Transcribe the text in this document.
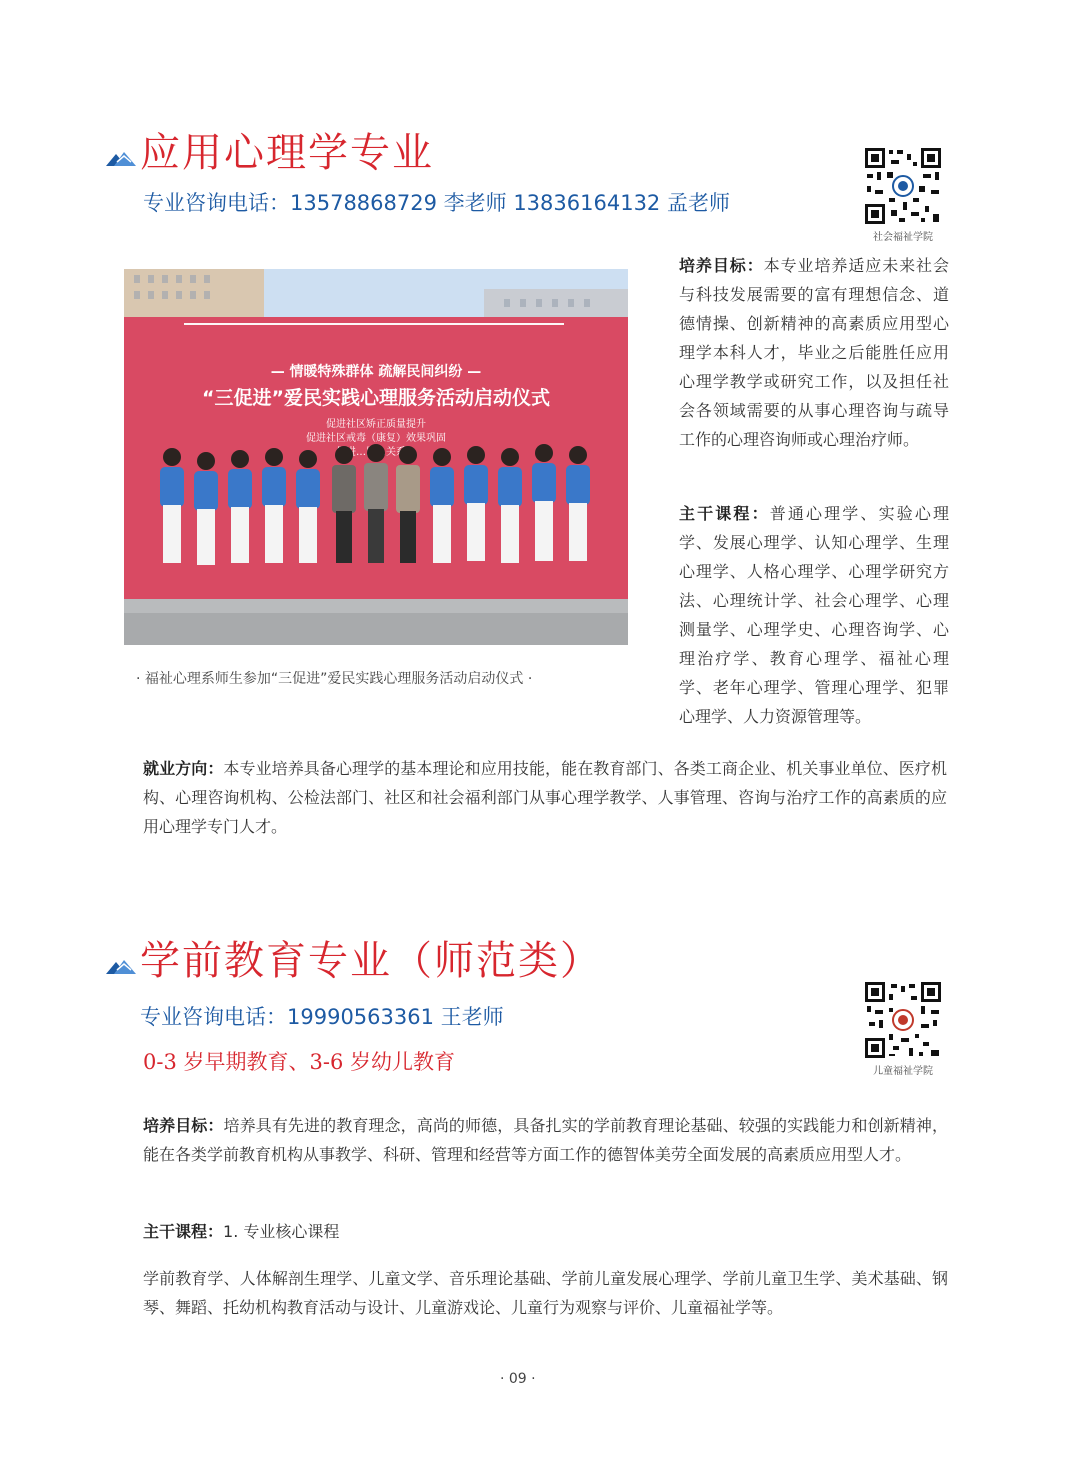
应用心理学专业
专业咨询电话：13578868729 李老师 13836164132 孟老师
社会福祉学院
— 情暖特殊群体 疏解民间纠纷 —
“三促进”爱民实践心理服务活动启动仪式
促进社区矫正质量提升
促进社区戒毒（康复）效果巩固
· 福祉心理系师生参加“三促进”爱民实践心理服务活动启动仪式 ·

培养目标：本专业培养适应未来社会与科技发展需要的富有理想信念、道德情操、创新精神的高素质应用型心理学本科人才，毕业之后能胜任应用心理学教学或研究工作，以及担任社会各领域需要的从事心理咨询与疏导工作的心理咨询师或心理治疗师。

主干课程：普通心理学、实验心理学、发展心理学、认知心理学、生理心理学、人格心理学、心理学研究方法、心理统计学、社会心理学、心理测量学、心理学史、心理咨询学、心理治疗学、教育心理学、福祉心理学、老年心理学、管理心理学、犯罪心理学、人力资源管理等。

就业方向：本专业培养具备心理学的基本理论和应用技能，能在教育部门、各类工商企业、机关事业单位、医疗机构、心理咨询机构、公检法部门、社区和社会福利部门从事心理学教学、人事管理、咨询与治疗工作的高素质的应用心理学专门人才。

学前教育专业（师范类）
专业咨询电话：19990563361 王老师
0-3 岁早期教育、3-6 岁幼儿教育	儿童福祉学院

培养目标：培养具有先进的教育理念，高尚的师德，具备扎实的学前教育理论基础、较强的实践能力和创新精神，能在各类学前教育机构从事教学、科研、管理和经营等方面工作的德智体美劳全面发展的高素质应用型人才。

主干课程：1. 专业核心课程

学前教育学、人体解剖生理学、儿童文学、音乐理论基础、学前儿童发展心理学、学前儿童卫生学、美术基础、钢琴、舞蹈、托幼机构教育活动与设计、儿童游戏论、儿童行为观察与评价、儿童福祉学等。

· 09 ·
